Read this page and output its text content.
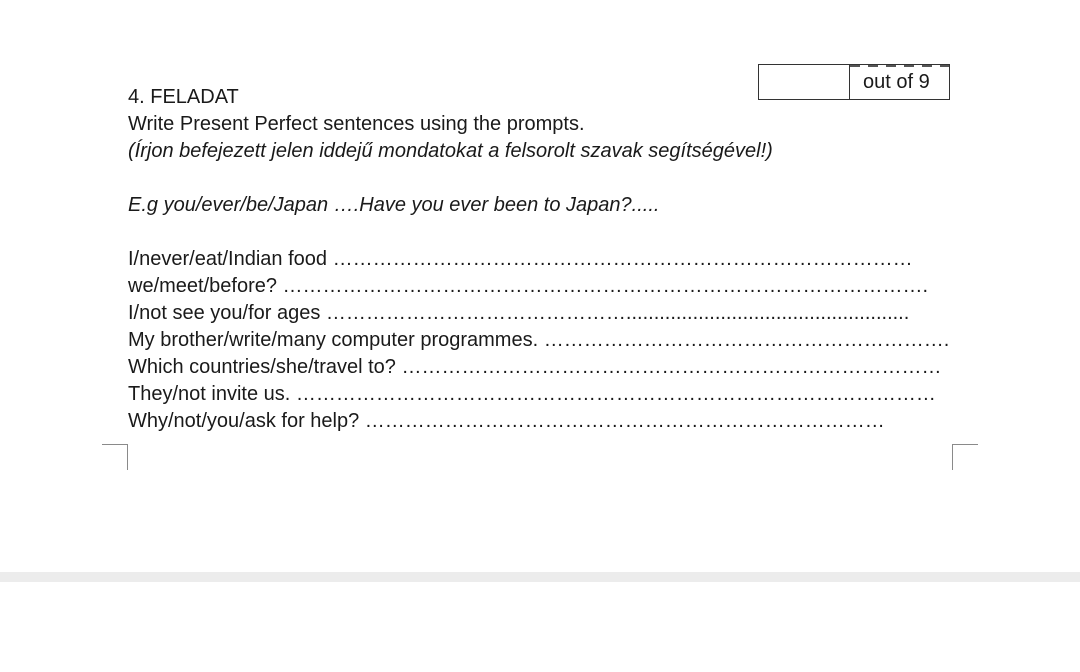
out of 9
4. FELADAT
Write Present Perfect sentences using the prompts.
(Írjon befejezett jelen iddejű mondatokat a felsorolt szavak segítségével!)
E.g you/ever/be/Japan ….Have you ever been to Japan?.....
I/never/eat/Indian food ……………………………………………………………………………
we/meet/before? …………………………………………………………………………………….
I/not see you/for ages ………………………………………...................................................
My brother/write/many computer programmes. …………………………………………………….
Which countries/she/travel to? ………………………………………………………………………
They/not invite us. ……………………………………………………………………………………
Why/not/you/ask for help? ……………………………………………………………………
